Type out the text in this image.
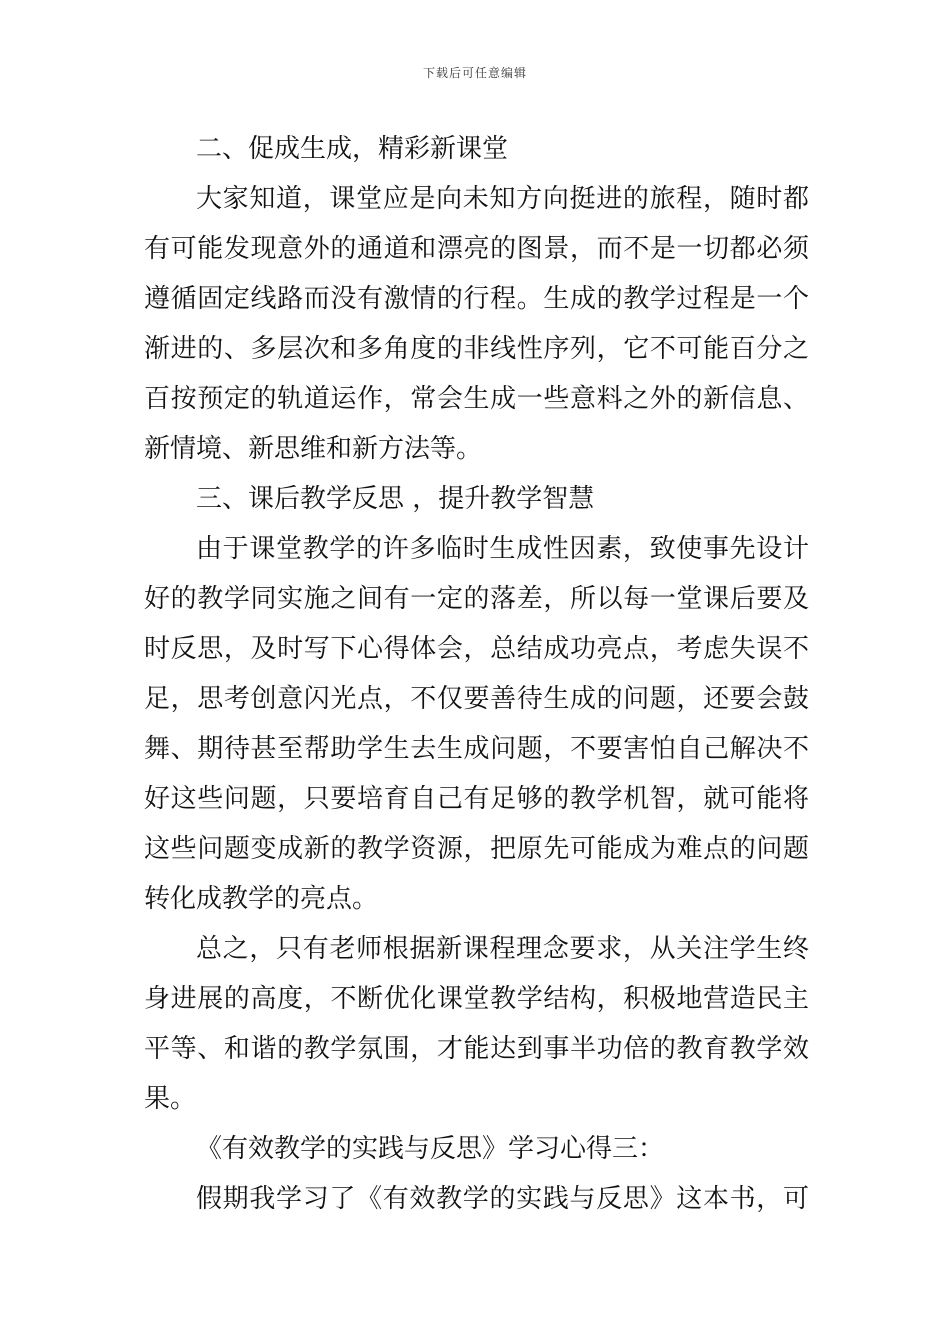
下载后可任意编辑
二、促成生成，精彩新课堂
大家知道，课堂应是向未知方向挺进的旅程，随时都
有可能发现意外的通道和漂亮的图景，而不是一切都必须
遵循固定线路而没有激情的行程。生成的教学过程是一个
渐进的、多层次和多角度的非线性序列，它不可能百分之
百按预定的轨道运作，常会生成一些意料之外的新信息、
新情境、新思维和新方法等。
三、课后教学反思 ，提升教学智慧
由于课堂教学的许多临时生成性因素，致使事先设计
好的教学同实施之间有一定的落差，所以每一堂课后要及
时反思，及时写下心得体会，总结成功亮点，考虑失误不
足，思考创意闪光点，不仅要善待生成的问题，还要会鼓
舞、期待甚至帮助学生去生成问题，不要害怕自己解决不
好这些问题，只要培育自己有足够的教学机智，就可能将
这些问题变成新的教学资源，把原先可能成为难点的问题
转化成教学的亮点。
总之，只有老师根据新课程理念要求，从关注学生终
身进展的高度，不断优化课堂教学结构，积极地营造民主
平等、和谐的教学氛围，才能达到事半功倍的教育教学效
果。
《有效教学的实践与反思》学习心得三：
假期我学习了《有效教学的实践与反思》这本书，可
